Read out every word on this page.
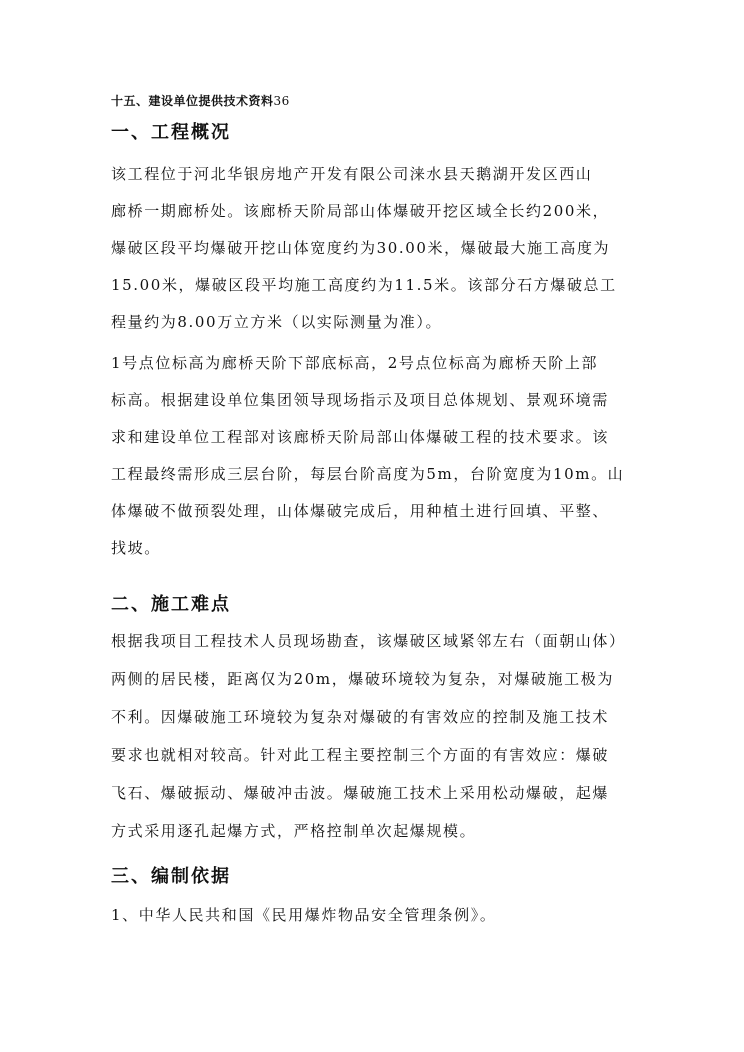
十五、建设单位提供技术资料36
一、工程概况
该工程位于河北华银房地产开发有限公司涞水县天鹅湖开发区西山
廊桥一期廊桥处。该廊桥天阶局部山体爆破开挖区域全长约200米，
爆破区段平均爆破开挖山体宽度约为30.00米，爆破最大施工高度为
15.00米，爆破区段平均施工高度约为11.5米。该部分石方爆破总工
程量约为8.00万立方米（以实际测量为准）。
1号点位标高为廊桥天阶下部底标高，2号点位标高为廊桥天阶上部
标高。根据建设单位集团领导现场指示及项目总体规划、景观环境需
求和建设单位工程部对该廊桥天阶局部山体爆破工程的技术要求。该
工程最终需形成三层台阶，每层台阶高度为5m，台阶宽度为10m。山
体爆破不做预裂处理，山体爆破完成后，用种植土进行回填、平整、
找坡。
二、施工难点
根据我项目工程技术人员现场勘查，该爆破区域紧邻左右（面朝山体）
两侧的居民楼，距离仅为20m，爆破环境较为复杂，对爆破施工极为
不利。因爆破施工环境较为复杂对爆破的有害效应的控制及施工技术
要求也就相对较高。针对此工程主要控制三个方面的有害效应：爆破
飞石、爆破振动、爆破冲击波。爆破施工技术上采用松动爆破，起爆
方式采用逐孔起爆方式，严格控制单次起爆规模。
三、编制依据
1、中华人民共和国《民用爆炸物品安全管理条例》。
